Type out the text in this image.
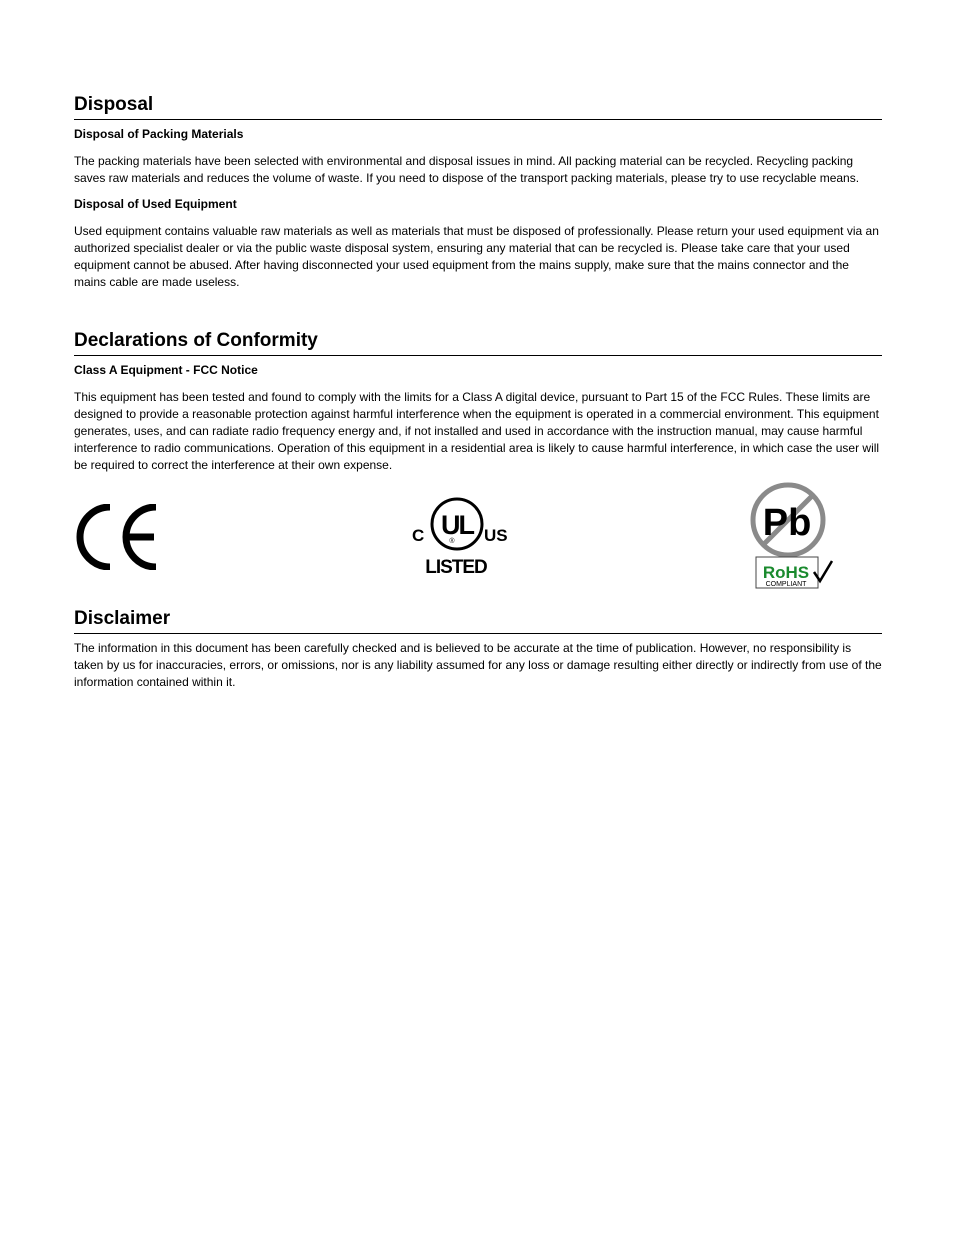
Disposal
Disposal of Packing Materials

The packing materials have been selected with environmental and disposal issues in mind. All packing material can be recycled. Recycling packing saves raw materials and reduces the volume of waste. If you need to dispose of the transport packing materials, please try to use recyclable means.

Disposal of Used Equipment

Used equipment contains valuable raw materials as well as materials that must be disposed of professionally. Please return your used equipment via an authorized specialist dealer or via the public waste disposal system, ensuring any material that can be recycled is. Please take care that your used equipment cannot be abused. After having disconnected your used equipment from the mains supply, make sure that the mains connector and the mains cable are made useless.

Declarations of Conformity
Class A Equipment - FCC Notice

This equipment has been tested and found to comply with the limits for a Class A digital device, pursuant to Part 15 of the FCC Rules. These limits are designed to provide a reasonable protection against harmful interference when the equipment is operated in a commercial environment. This equipment generates, uses, and can radiate radio frequency energy and, if not installed and used in accordance with the instruction manual, may cause harmful interference to radio communications. Operation of this equipment in a residential area is likely to cause harmful interference, in which case the user will be required to correct the interference at their own expense.

C UL
® US
LISTED
Pb
RoHS
COMPLIANT
Disclaimer

The information in this document has been carefully checked and is believed to be accurate at the time of publication. However, no responsibility is taken by us for inaccuracies, errors, or omissions, nor is any liability assumed for any loss or damage resulting either directly or indirectly from use of the information contained within it.
